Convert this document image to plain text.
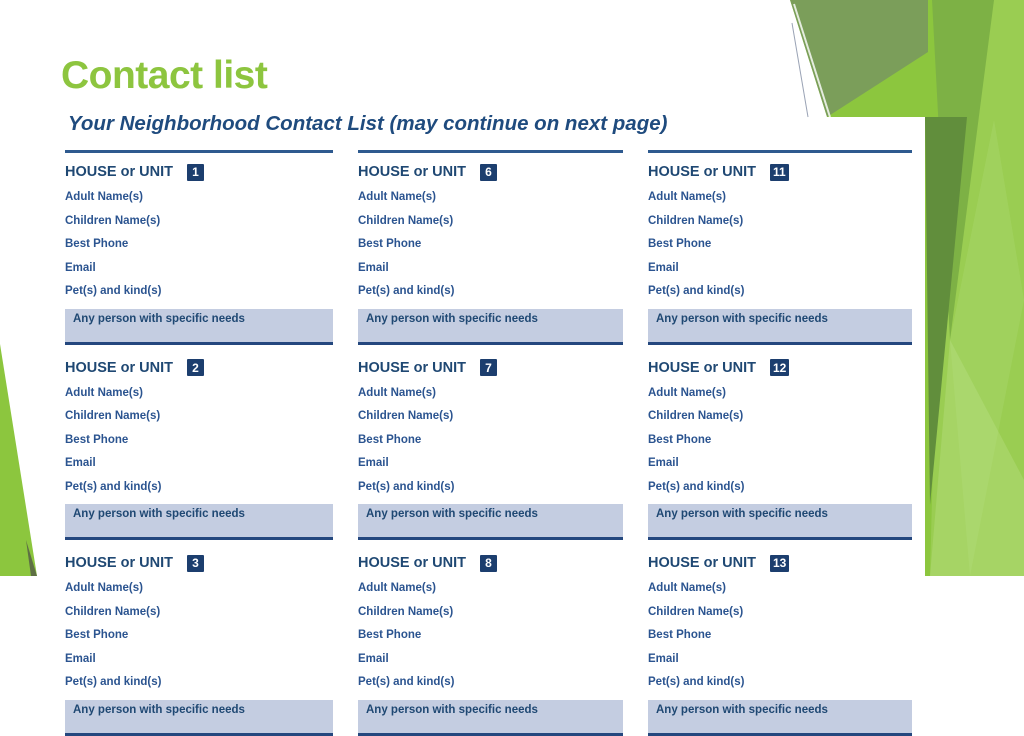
Contact list
Your Neighborhood Contact List (may continue on next page)
HOUSE or UNIT	1
Adult Name(s)
Children Name(s)
Best Phone
Email
Pet(s) and kind(s)
Any person with specific needs
HOUSE or UNIT	2
Adult Name(s)
Children Name(s)
Best Phone
Email
Pet(s) and kind(s)
Any person with specific needs
HOUSE or UNIT	3
Adult Name(s)
Children Name(s)
Best Phone
Email
Pet(s) and kind(s)
Any person with specific needs
HOUSE or UNIT	6
Adult Name(s)
Children Name(s)
Best Phone
Email
Pet(s) and kind(s)
Any person with specific needs
HOUSE or UNIT	7
Adult Name(s)
Children Name(s)
Best Phone
Email
Pet(s) and kind(s)
Any person with specific needs
HOUSE or UNIT	8
Adult Name(s)
Children Name(s)
Best Phone
Email
Pet(s) and kind(s)
Any person with specific needs
HOUSE or UNIT 11
Adult Name(s)
Children Name(s)
Best Phone
Email
Pet(s) and kind(s)
Any person with specific needs
HOUSE or UNIT 12
Adult Name(s)
Children Name(s)
Best Phone
Email
Pet(s) and kind(s)
Any person with specific needs
HOUSE or UNIT 13
Adult Name(s)
Children Name(s)
Best Phone
Email
Pet(s) and kind(s)
Any person with specific needs
